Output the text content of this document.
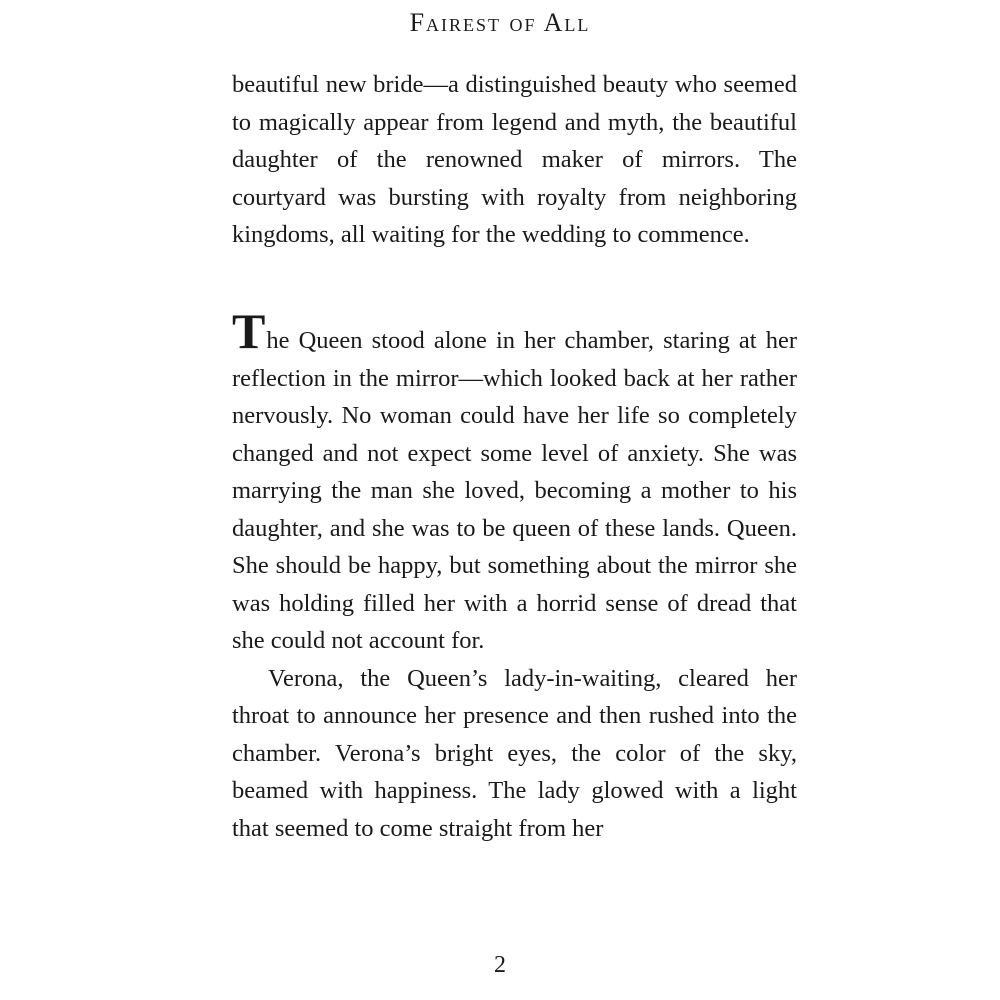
Fairest of All

beautiful new bride—a distinguished beauty who seemed to magically appear from legend and myth, the beautiful daughter of the renowned maker of mirrors. The courtyard was bursting with royalty from neighboring kingdoms, all waiting for the wedding to commence.

The Queen stood alone in her chamber, staring at her reflection in the mirror—which looked back at her rather nervously. No woman could have her life so completely changed and not expect some level of anxiety. She was marrying the man she loved, becoming a mother to his daughter, and she was to be queen of these lands. Queen. She should be happy, but something about the mirror she was holding filled her with a horrid sense of dread that she could not account for.

Verona, the Queen’s lady-in-waiting, cleared her throat to announce her presence and then rushed into the chamber. Verona’s bright eyes, the color of the sky, beamed with happiness. The lady glowed with a light that seemed to come straight from her

2
